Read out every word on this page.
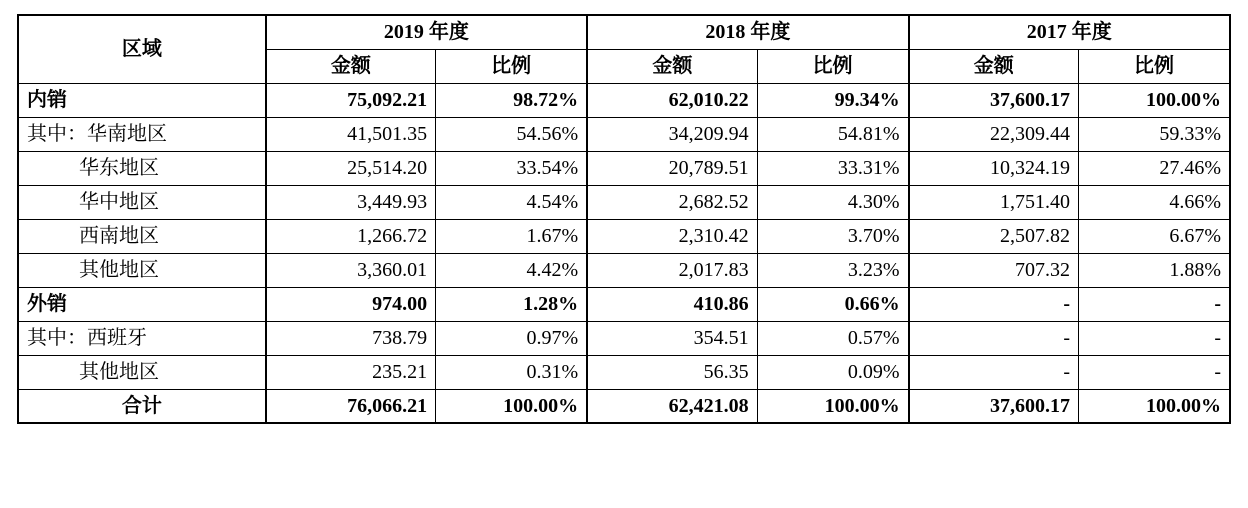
区域	2019 年度		2018 年度		2017 年度	
	金额	比例	金额	比例	金额	比例
内销	75,092.21	98.72%	62,010.22	99.34%	37,600.17	100.00%
其中：华南地区	41,501.35	54.56%	34,209.94	54.81%	22,309.44	59.33%
华东地区	25,514.20	33.54%	20,789.51	33.31%	10,324.19	27.46%
华中地区	3,449.93	4.54%	2,682.52	4.30%	1,751.40	4.66%
西南地区	1,266.72	1.67%	2,310.42	3.70%	2,507.82	6.67%
其他地区	3,360.01	4.42%	2,017.83	3.23%	707.32	1.88%
外销	974.00	1.28%	410.86	0.66%	-	-
其中：西班牙	738.79	0.97%	354.51	0.57%	-	-
其他地区	235.21	0.31%	56.35	0.09%	-	-
合计	76,066.21	100.00%	62,421.08	100.00%	37,600.17	100.00%
